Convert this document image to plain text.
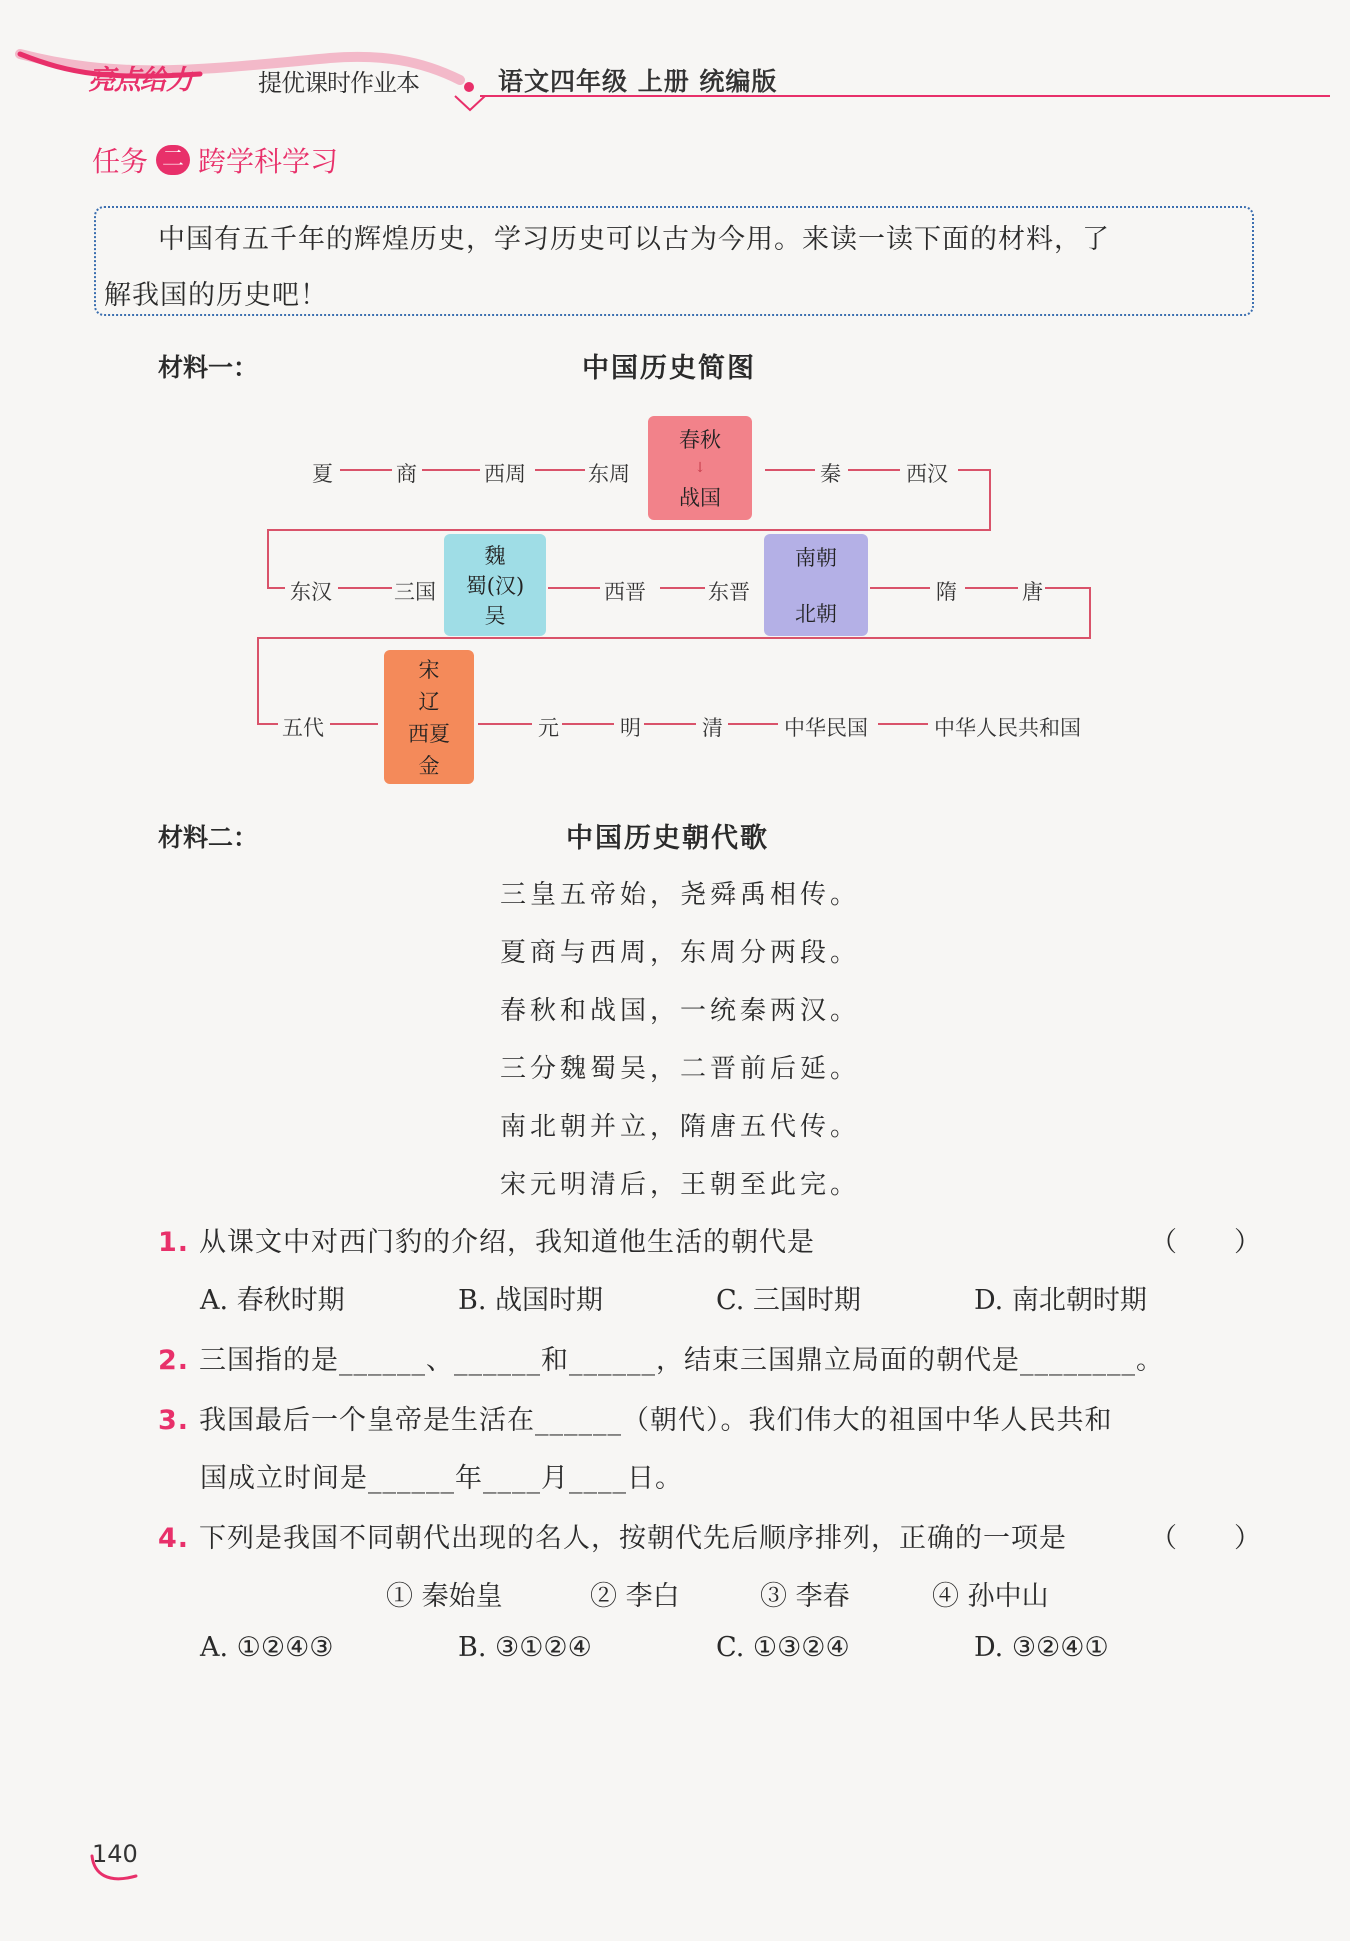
亮点给力	提优课时作业本	语文四年级 上册 统编版
任务 二 跨学科学习
中国有五千年的辉煌历史，学习历史可以古为今用。来读一读下面的材料，了
解我国的历史吧！
材料一：	中国历史简图
夏	商	西周	东周
春秋
↓
战国
秦	西汉
东汉	三国
魏
蜀(汉)
吴
西晋	东晋
南朝
北朝
隋	唐
五代
宋
辽
西夏
金
元	明	清	中华民国	中华人民共和国
材料二：	中国历史朝代歌
三皇五帝始，尧舜禹相传。
夏商与西周，东周分两段。
春秋和战国，一统秦两汉。
三分魏蜀吴，二晋前后延。
南北朝并立，隋唐五代传。
宋元明清后，王朝至此完。
1. 从课文中对西门豹的介绍，我知道他生活的朝代是	（　　）
A. 春秋时期	B. 战国时期	C. 三国时期	D. 南北朝时期
2. 三国指的是______、______和______，结束三国鼎立局面的朝代是________。
3. 我国最后一个皇帝是生活在______（朝代）。我们伟大的祖国中华人民共和
国成立时间是______年____月____日。
4. 下列是我国不同朝代出现的名人，按朝代先后顺序排列，正确的一项是	（　　）
① 秦始皇	② 李白	③ 李春	④ 孙中山
A. ①②④③	B. ③①②④	C. ①③②④	D. ③②④①
140
